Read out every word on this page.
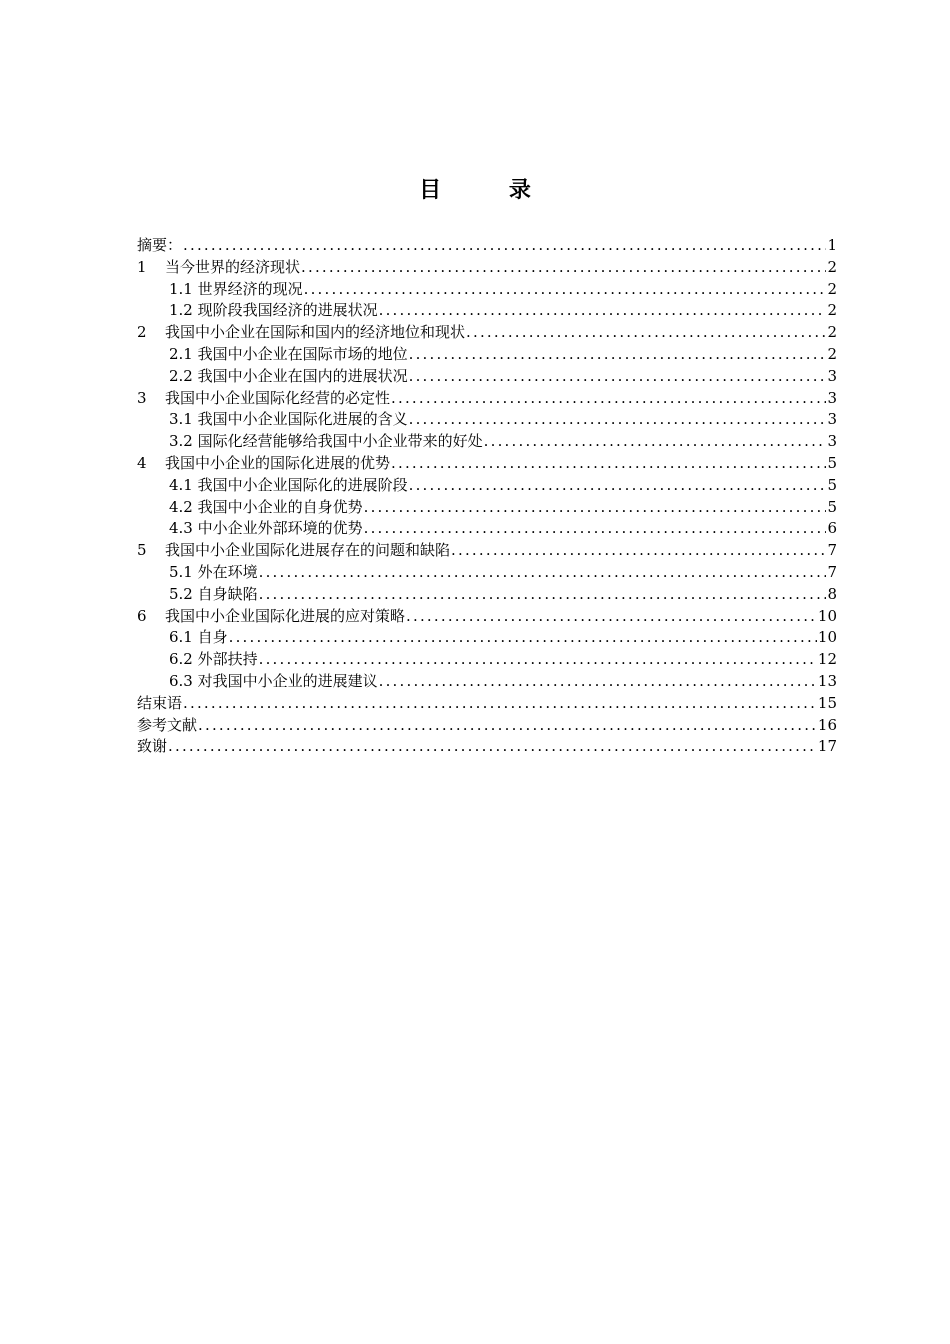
目 录
摘要： .....	1
1	当今世界的经济现状 .....	2
1.1 世界经济的现况 .....	2
1.2 现阶段我国经济的进展状况 .....	2
2	我国中小企业在国际和国内的经济地位和现状 .....	2
2.1 我国中小企业在国际市场的地位 .....	2
2.2 我国中小企业在国内的进展状况 .....	3
3	我国中小企业国际化经营的必定性 .....	3
3.1 我国中小企业国际化进展的含义 .....	3
3.2 国际化经营能够给我国中小企业带来的好处 .....	3
4	我国中小企业的国际化进展的优势 .....	5
4.1 我国中小企业国际化的进展阶段 .....	5
4.2 我国中小企业的自身优势 .....	5
4.3 中小企业外部环境的优势 .....	6
5	我国中小企业国际化进展存在的问题和缺陷 .....	7
5.1 外在环境 .....	7
5.2 自身缺陷 .....	8
6	我国中小企业国际化进展的应对策略 .....	10
6.1 自身 .....	10
6.2 外部扶持 .....	12
6.3 对我国中小企业的进展建议 .....	13
结束语 .....	15
参考文献 .....	16
致谢 .....	17
